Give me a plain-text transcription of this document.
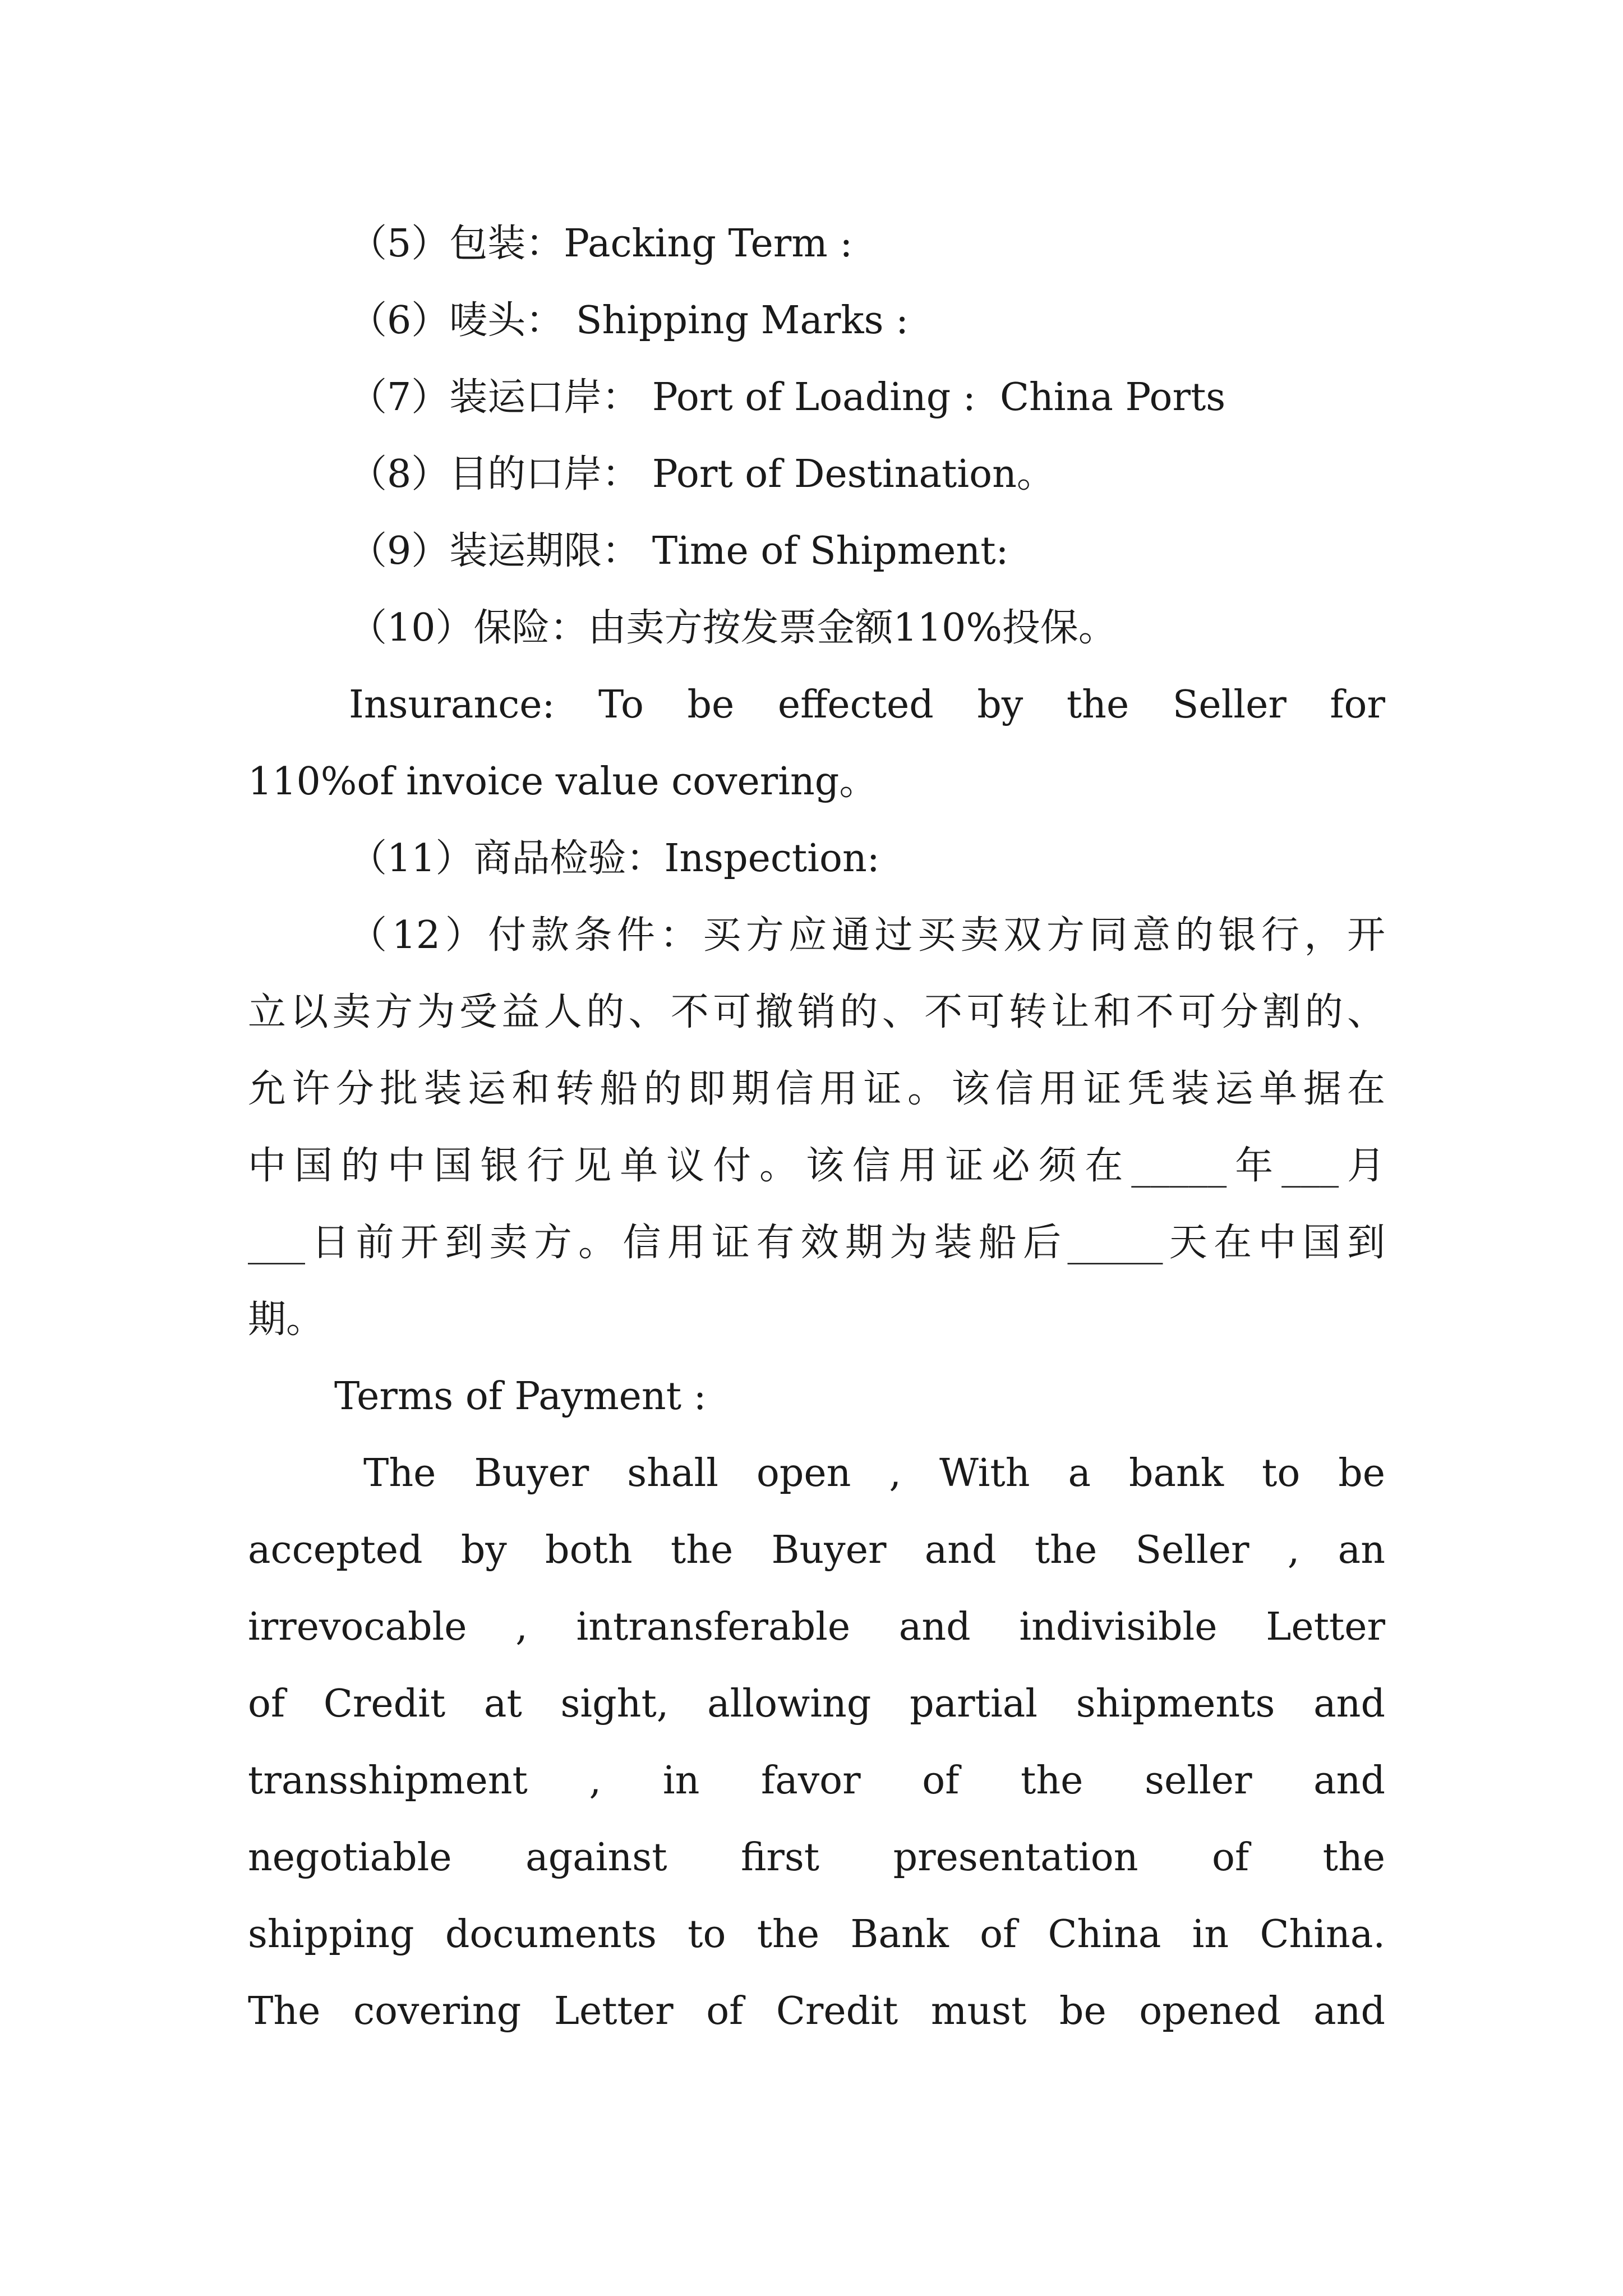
（5）包装：Packing Term :

（6）唛头： Shipping Marks :

（7）装运口岸： Port of Loading :  China Ports

（8）目的口岸： Port of Destination。

（9）装运期限： Time of Shipment:

（10）保险：由卖方按发票金额110%投保。

Insurance: To be effected by the Seller for

110%of invoice value covering。

（11）商品检验：Inspection:

（12）付款条件：买方应通过买卖双方同意的银行，开

立以卖方为受益人的、不可撤销的、不可转让和不可分割的、

允许分批装运和转船的即期信用证。该信用证凭装运单据在

中国的中国银行见单议付。该信用证必须在_____年___月

___日前开到卖方。信用证有效期为装船后_____天在中国到

期。

Terms of Payment :

The Buyer shall open , With a bank to be

accepted by both the Buyer and the Seller , an

irrevocable , intransferable and indivisible Letter

of Credit at sight, allowing partial shipments and

transshipment , in favor of the seller and

negotiable against first presentation of the

shipping documents to the Bank of China in China.

The covering Letter of Credit must be opened and
